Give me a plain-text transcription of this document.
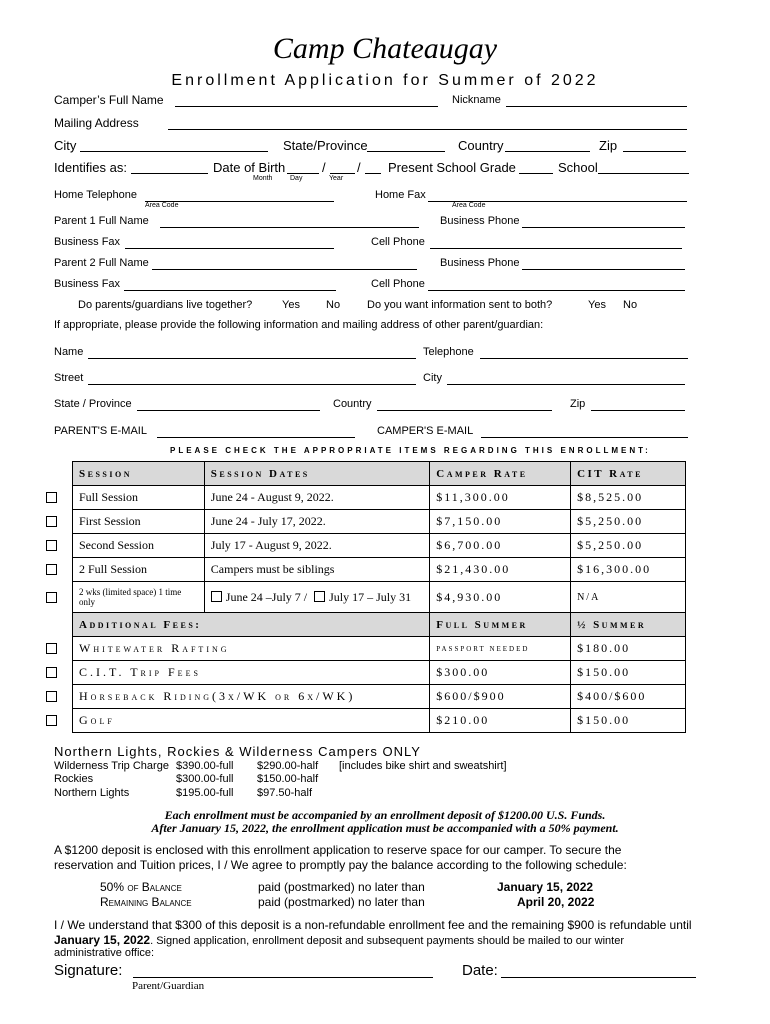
Camp Chateaugay
Enrollment Application for Summer of 2022
Camper’s Full Name	Nickname
Mailing Address
City	State/Province	Country	Zip
Identifies as:	Date of Birth	/ /
Month	Day	Year
Present School Grade	School
Home Telephone
Area Code
Home Fax
Area Code
Parent 1 Full Name	Business Phone
Business Fax	Cell Phone
Parent 2 Full Name	Business Phone
Business Fax	Cell Phone
Do parents/guardians live together?	Yes No Do you want information sent to both?	Yes No
If appropriate, please provide the following information and mailing address of other parent/guardian:
Name	Telephone
Street	City
State / Province	Country	Zip
PARENT'S E-MAIL	CAMPER'S E-MAIL
PLEASE CHECK THE APPROPRIATE ITEMS REGARDING THIS ENROLLMENT:
Session	Session Dates	Camper Rate	CIT Rate
Full Session	June 24 - August 9, 2022.	$11,300.00	$8,525.00
First Session	June 24 - July 17, 2022.	$7,150.00	$5,250.00
Second Session	July 17 - August 9, 2022.	$6,700.00	$5,250.00
2 Full Session	Campers must be siblings	$21,430.00	$16,300.00
2 wks (limited space) 1 time only	June 24 –July 7 / July 17 – July 31	$4,930.00	N/A
Additional Fees:		Full Summer	½ Summer
Whitewater Rafting		PASSPORT NEEDED	$180.00
C.I.T. Trip Fees		$300.00	$150.00
Horseback Riding(3x/WK or 6x/WK)		$600/$900	$400/$600
Golf		$210.00	$150.00
Northern Lights, Rockies & Wilderness Campers ONLY
Wilderness Trip Charge $390.00-full $290.00-half [includes bike shirt and sweatshirt]
Rockies	$300.00-full $150.00-half
Northern Lights	$195.00-full $97.50-half
Each enrollment must be accompanied by an enrollment deposit of $1200.00 U.S. Funds.
After January 15, 2022, the enrollment application must be accompanied with a 50% payment.
A $1200 deposit is enclosed with this enrollment application to reserve space for our camper. To secure the
reservation and Tuition prices, I / We agree to promptly pay the balance according to the following schedule:
50% of Balance	paid (postmarked) no later than	January 15, 2022
Remaining Balance	paid (postmarked) no later than	April 20, 2022
I / We understand that $300 of this deposit is a non-refundable enrollment fee and the remaining $900 is refundable until
January 15, 2022. Signed application, enrollment deposit and subsequent payments should be mailed to our winter
administrative office:
Signature:	Date:
Parent/Guardian
